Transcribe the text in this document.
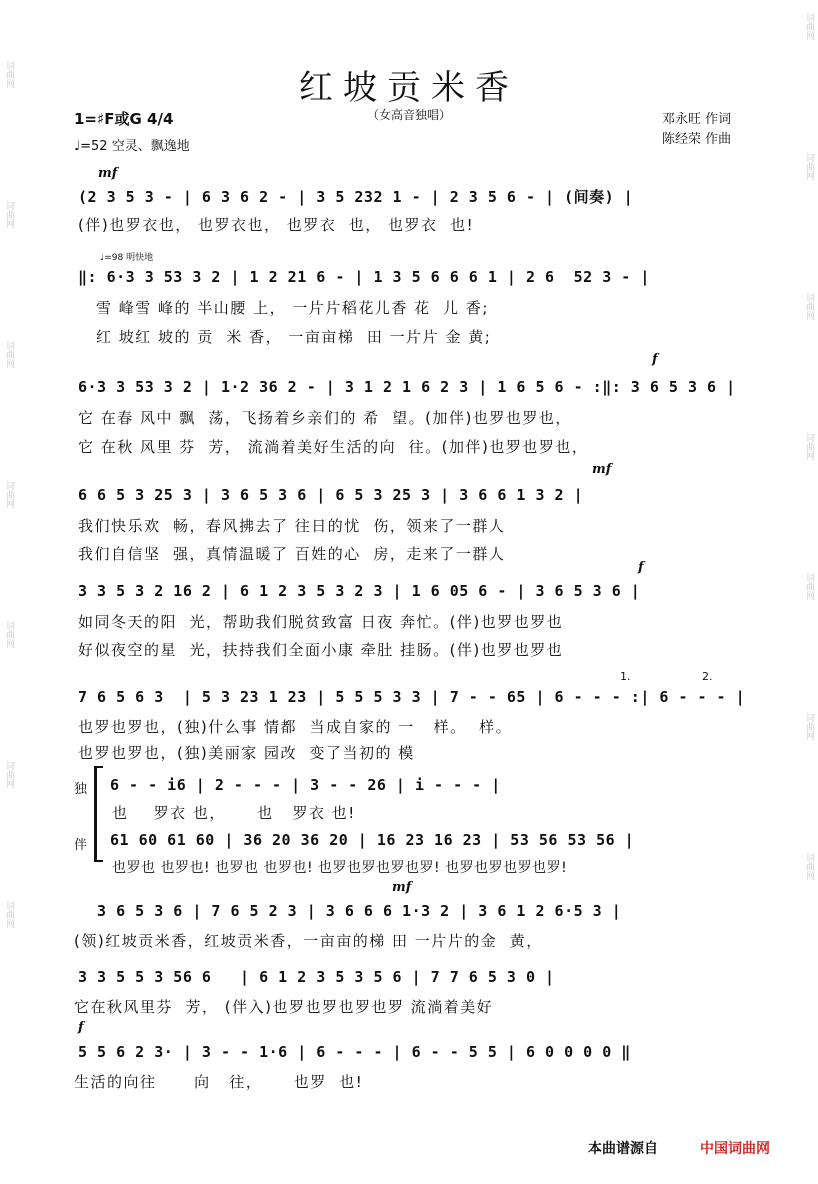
词曲网

词曲网

词曲网

词曲网

词曲网

词曲网

词曲网

词曲网

词曲网

词曲网

词曲网

词曲网

词曲网

词曲网

红坡贡米香
（女高音独唱）
1=♯F或G 4/4
♩=52 空灵、飘逸地
邓永旺 作词
陈经荣 作曲
mf
(2 3 5 3 - | 6 3 6 2 - | 3 5 232 1 - | 2 3 5 6 - | (间奏) |
(伴)也罗衣也， 也罗衣也， 也罗衣  也， 也罗衣  也!
♩=98 明快地
‖: 6·3 3 53 3 2 | 1 2 21 6 - | 1 3 5 6 6 6 1 | 2 6  52 3 - |
雪 峰雪 峰的 半山腰 上， 一片片稻花儿香 花  儿 香;
红 坡红 坡的 贡  米 香， 一亩亩梯  田 一片片 金 黄;
f
6·3 3 53 3 2 | 1·2 36 2 - | 3 1 2 1 6 2 3 | 1 6 5 6 - :‖: 3 6 5 3 6 |
它 在春 风中 飘  荡，飞扬着乡亲们的 希  望。(加伴)也罗也罗也，
它 在秋 风里 芬  芳， 流淌着美好生活的向  往。(加伴)也罗也罗也，
mf
6 6 5 3 25 3 | 3 6 5 3 6 | 6 5 3 25 3 | 3 6 6 1 3 2 |
我们快乐欢  畅，春风拂去了 往日的忧  伤，领来了一群人
我们自信坚  强，真情温暖了 百姓的心  房，走来了一群人
f
3 3 5 3 2 16 2 | 6 1 2 3 5 3 2 3 | 1 6 05 6 - | 3 6 5 3 6 |
如同冬天的阳  光，帮助我们脱贫致富 日夜 奔忙。(伴)也罗也罗也
好似夜空的星  光，扶持我们全面小康 牵肚 挂肠。(伴)也罗也罗也
1.	2.
7 6 5 6 3  | 5 3 23 1 23 | 5 5 5 3 3 | 7 - - 65 | 6 - - - :| 6 - - - |
也罗也罗也，(独)什么事 情都  当成自家的 一   样。  样。
也罗也罗也，(独)美丽家 园改  变了当初的 模
独
伴
6 - - i6 | 2 - - - | 3 - - 26 | i - - - |
也    罗衣 也，     也   罗衣 也!
61 60 61 60 | 36 20 36 20 | 16 23 16 23 | 53 56 53 56 |
也罗也 也罗也! 也罗也 也罗也! 也罗也罗也罗也罗! 也罗也罗也罗也罗!
mf
3 6 5 3 6 | 7 6 5 2 3 | 3 6 6 6 1·3 2 | 3 6 1 2 6·5 3 |
(领)红坡贡米香，红坡贡米香，一亩亩的梯 田 一片片的金  黄，
3 3 5 5 3 56 6   | 6 1 2 3 5 3 5 6 | 7 7 6 5 3 0 |
它在秋风里芬  芳， (伴入)也罗也罗也罗也罗 流淌着美好
f
5 5 6 2 3· | 3 - - 1·6 | 6 - - - | 6 - - 5 5 | 6 0 0 0 0 ‖
生活的向往      向   往，     也罗  也!
本曲谱源自	中国词曲网
